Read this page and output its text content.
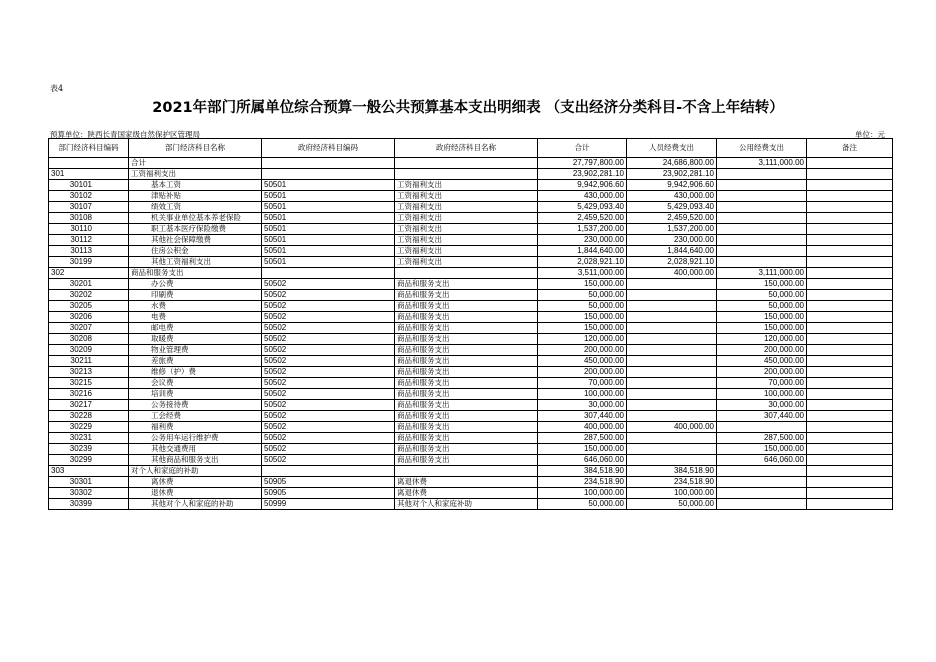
表4
2021年部门所属单位综合预算一般公共预算基本支出明细表 （支出经济分类科目-不含上年结转）
预算单位：陕西长青国家级自然保护区管理局	单位：元
部门经济科目编码	部门经济科目名称	政府经济科目编码	政府经济科目名称	合计	人员经费支出	公用经费支出	备注
	合计			27,797,800.00	24,686,800.00	3,111,000.00	
301	工资福利支出			23,902,281.10	23,902,281.10		
30101	基本工资	50501	工资福利支出	9,942,906.60	9,942,906.60		
30102	津贴补贴	50501	工资福利支出	430,000.00	430,000.00		
30107	绩效工资	50501	工资福利支出	5,429,093.40	5,429,093.40		
30108	机关事业单位基本养老保险	50501	工资福利支出	2,459,520.00	2,459,520.00		
30110	职工基本医疗保险缴费	50501	工资福利支出	1,537,200.00	1,537,200.00		
30112	其他社会保障缴费	50501	工资福利支出	230,000.00	230,000.00		
30113	住房公积金	50501	工资福利支出	1,844,640.00	1,844,640.00		
30199	其他工资福利支出	50501	工资福利支出	2,028,921.10	2,028,921.10		
302	商品和服务支出			3,511,000.00	400,000.00	3,111,000.00	
30201	办公费	50502	商品和服务支出	150,000.00		150,000.00	
30202	印刷费	50502	商品和服务支出	50,000.00		50,000.00	
30205	水费	50502	商品和服务支出	50,000.00		50,000.00	
30206	电费	50502	商品和服务支出	150,000.00		150,000.00	
30207	邮电费	50502	商品和服务支出	150,000.00		150,000.00	
30208	取暖费	50502	商品和服务支出	120,000.00		120,000.00	
30209	物业管理费	50502	商品和服务支出	200,000.00		200,000.00	
30211	差旅费	50502	商品和服务支出	450,000.00		450,000.00	
30213	维修（护）费	50502	商品和服务支出	200,000.00		200,000.00	
30215	会议费	50502	商品和服务支出	70,000.00		70,000.00	
30216	培训费	50502	商品和服务支出	100,000.00		100,000.00	
30217	公务接待费	50502	商品和服务支出	30,000.00		30,000.00	
30228	工会经费	50502	商品和服务支出	307,440.00		307,440.00	
30229	福利费	50502	商品和服务支出	400,000.00	400,000.00		
30231	公务用车运行维护费	50502	商品和服务支出	287,500.00		287,500.00	
30239	其他交通费用	50502	商品和服务支出	150,000.00		150,000.00	
30299	其他商品和服务支出	50502	商品和服务支出	646,060.00		646,060.00	
303	对个人和家庭的补助			384,518.90	384,518.90		
30301	离休费	50905	离退休费	234,518.90	234,518.90		
30302	退休费	50905	离退休费	100,000.00	100,000.00		
30399	其他对个人和家庭的补助	50999	其他对个人和家庭补助	50,000.00	50,000.00		
